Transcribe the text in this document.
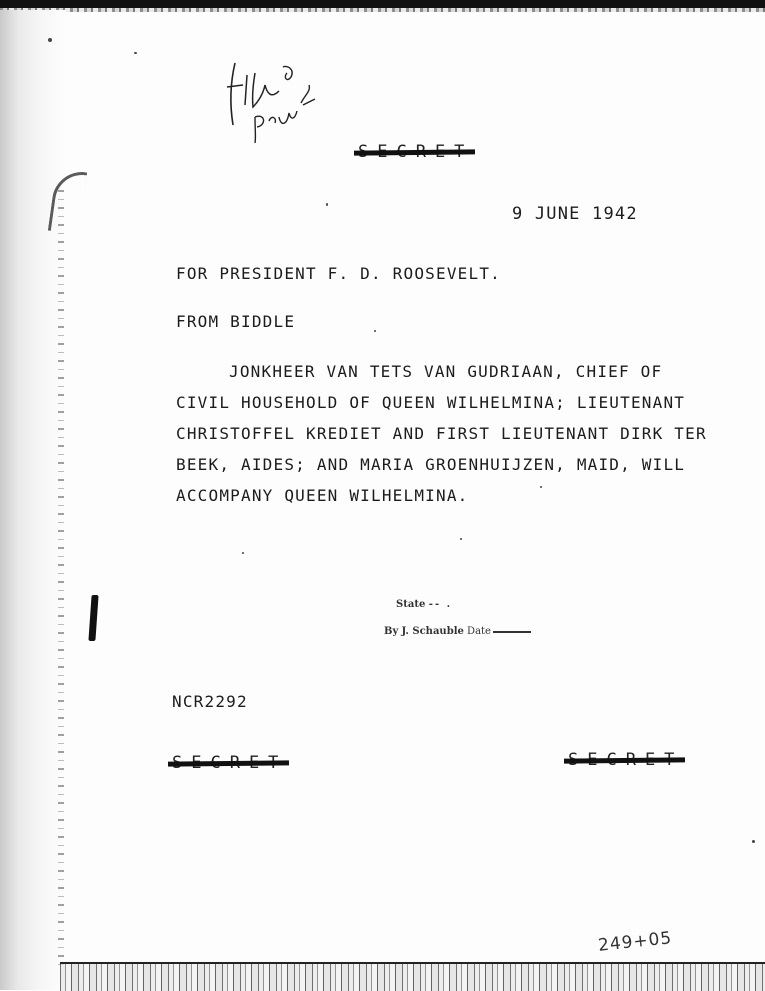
9 JUNE 1942
FOR PRESIDENT F. D. ROOSEVELT.
FROM BIDDLE
JONKHEER VAN TETS VAN GUDRIAAN, CHIEF OF
CIVIL HOUSEHOLD OF QUEEN WILHELMINA; LIEUTENANT
CHRISTOFFEL KREDIET AND FIRST LIEUTENANT DIRK TER
BEEK, AIDES; AND MARIA GROENHUIJZEN, MAID, WILL
ACCOMPANY QUEEN WILHELMINA.
State -- .
By J. Schauble Date
NCR2292
249+05
